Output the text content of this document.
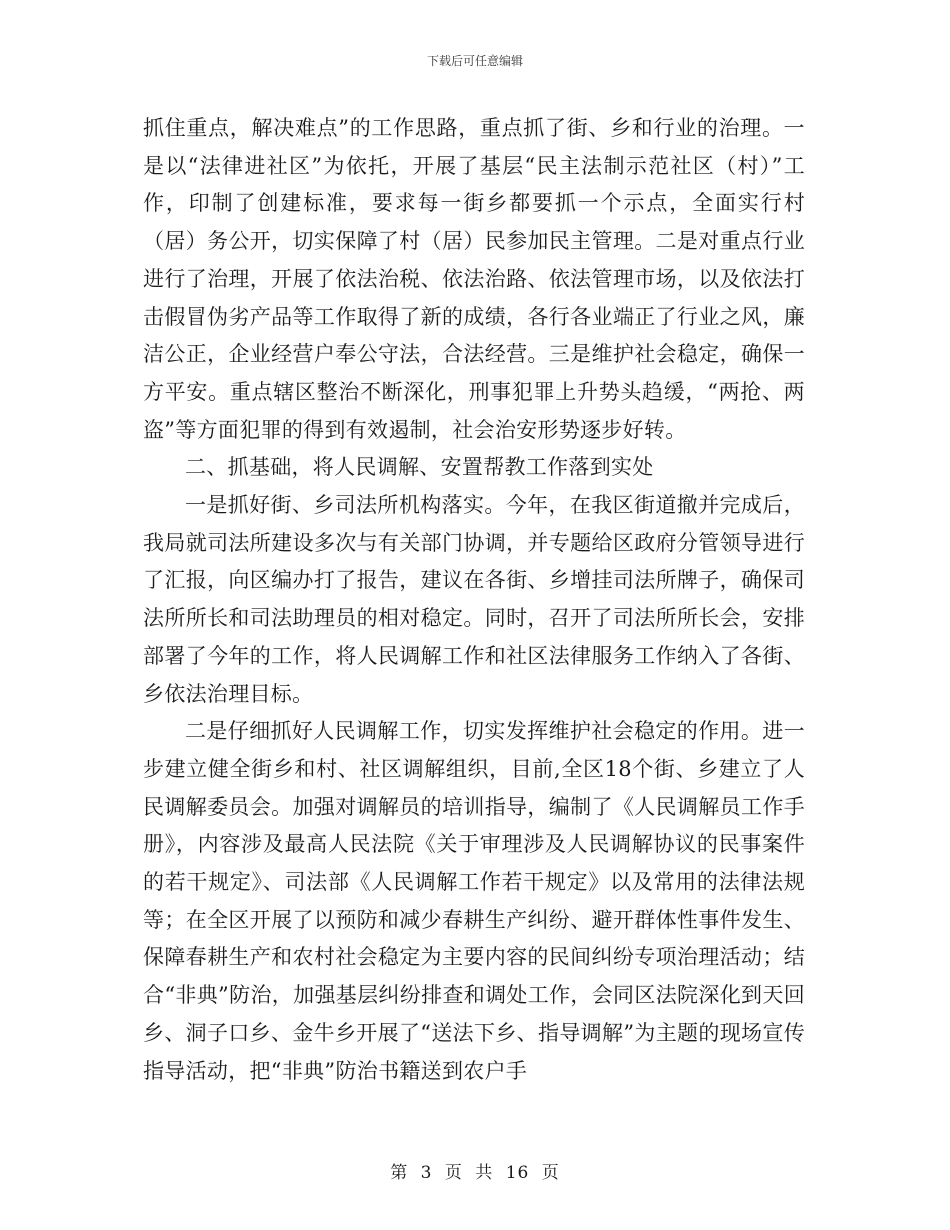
下载后可任意编辑

抓住重点，解决难点”的工作思路，重点抓了街、乡和行业的治理。一是以“法律进社区”为依托，开展了基层“民主法制示范社区（村）”工作，印制了创建标准，要求每一街乡都要抓一个示点，全面实行村（居）务公开，切实保障了村（居）民参加民主管理。二是对重点行业进行了治理，开展了依法治税、依法治路、依法管理市场，以及依法打击假冒伪劣产品等工作取得了新的成绩，各行各业端正了行业之风，廉洁公正，企业经营户奉公守法，合法经营。三是维护社会稳定，确保一方平安。重点辖区整治不断深化，刑事犯罪上升势头趋缓，“两抢、两盗”等方面犯罪的得到有效遏制，社会治安形势逐步好转。

二、抓基础，将人民调解、安置帮教工作落到实处

一是抓好街、乡司法所机构落实。今年，在我区街道撤并完成后，我局就司法所建设多次与有关部门协调，并专题给区政府分管领导进行了汇报，向区编办打了报告，建议在各街、乡增挂司法所牌子，确保司法所所长和司法助理员的相对稳定。同时，召开了司法所所长会，安排部署了今年的工作，将人民调解工作和社区法律服务工作纳入了各街、乡依法治理目标。

二是仔细抓好人民调解工作，切实发挥维护社会稳定的作用。进一步建立健全街乡和村、社区调解组织，目前,全区18个街、乡建立了人民调解委员会。加强对调解员的培训指导，编制了《人民调解员工作手册》，内容涉及最高人民法院《关于审理涉及人民调解协议的民事案件的若干规定》、司法部《人民调解工作若干规定》以及常用的法律法规等；在全区开展了以预防和减少春耕生产纠纷、避开群体性事件发生、保障春耕生产和农村社会稳定为主要内容的民间纠纷专项治理活动；结合“非典”防治，加强基层纠纷排查和调处工作，会同区法院深化到天回乡、洞子口乡、金牛乡开展了“送法下乡、指导调解”为主题的现场宣传指导活动，把“非典”防治书籍送到农户手

第 3 页 共 16 页
